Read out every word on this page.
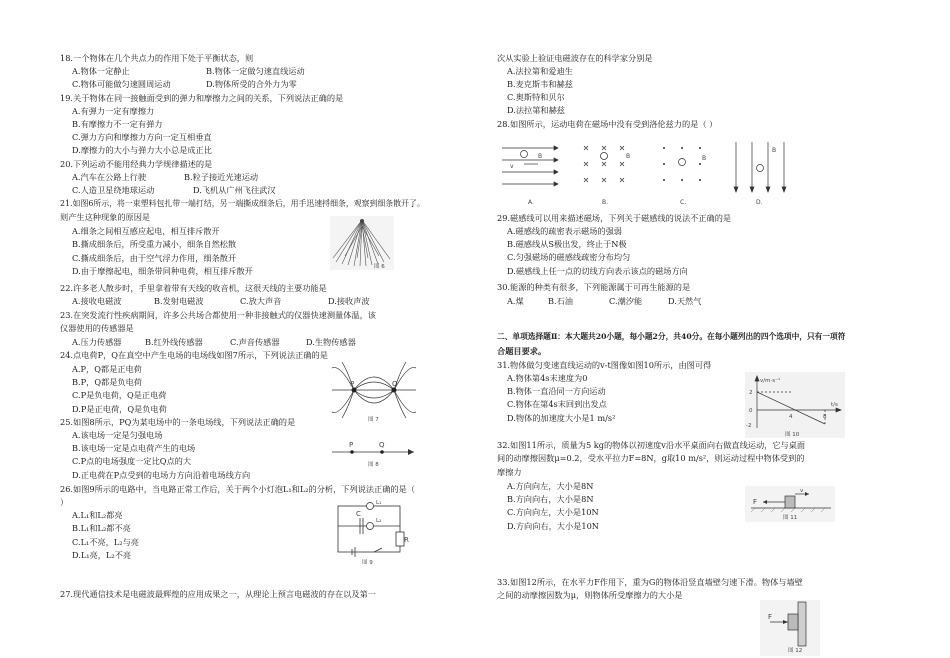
18.一个物体在几个共点力的作用下处于平衡状态，则
A.物体一定静止	B.物体一定做匀速直线运动
C.物体可能做匀速圆周运动	D.物体所受的合外力为零
19.关于物体在同一接触面受到的弹力和摩擦力之间的关系，下列说法正确的是
A.有弹力一定有摩擦力
B.有摩擦力不一定有弹力
C.弹力方向和摩擦力方向一定互相垂直
D.摩擦力的大小与弹力大小总是成正比
20.下列运动不能用经典力学规律描述的是
A.汽车在公路上行驶	B.粒子接近光速运动
C.人造卫星绕地球运动	D.飞机从广州飞往武汉
21.如图6所示，将一束塑料包扎带一端打结，另一端撕成细条后，用手迅速捋细条，观察到细条散开了。
则产生这种现象的原因是
A.细条之间相互感应起电，相互排斥散开
B.撕成细条后，所受重力减小，细条自然松散
C.撕成细条后，由于空气浮力作用，细条散开
D.由于摩擦起电，细条带同种电荷，相互排斥散开	图 6
22.许多老人散步时，手里拿着带有天线的收音机，这很天线的主要功能是
A.接收电磁波	B.发射电磁波	C.放大声音	D.接收声波
23.在突发流行性疾病期间，许多公共场合都使用一种非接触式的仪器快速测量体温，该
仪器使用的传感器是
A.压力传感器	B.红外线传感器	C.声音传感器	D.生物传感器
24.点电荷P，Q在真空中产生电场的电场线如图7所示，下列说法正确的是
A.P，Q都是正电荷
B.P，Q都是负电荷
C.P是负电荷，Q是正电荷
D.P是正电荷，Q是负电荷
P	Q
图 7
25.如图8所示，PQ为某电场中的一条电场线，下列说法正确的是
A.该电场一定是匀强电场
B.该电场一定是点电荷产生的电场
C.P点的电场强度一定比Q点的大
D.正电荷在P点受到的电场力方向沿着电场线方向
P	Q
图 8
26.如图9所示的电路中，当电路正常工作后，关于两个小灯泡L₁和L₂的分析，下列说法正确的是（
）
A.L₁和L₂都亮
B.L₁和L₂都不亮
C.L₁不亮，L₂与亮
D.L₁亮，L₂不亮
C
R
L₁
L₂
图 9
27.现代通信技术是电磁波最辉煌的应用成果之一，从理论上预言电磁波的存在以及第一
次从实验上验证电磁波存在的科学家分别是
A.法拉第和爱迪生
B.麦克斯韦和赫兹
C.奥斯特和贝尔
D.法拉第和赫兹
28.如图所示，运动电荷在磁场中没有受到洛伦兹力的是（ ）
v
B
A.
B
B.
B
C.
B
D.
29.磁感线可以用来描述磁场，下列关于磁感线的说法不正确的是
A.磁感线的疏密表示磁场的强弱
B.磁感线从S极出发，终止于N极
C.匀强磁场的磁感线疏密分布均匀
D.磁感线上任一点的切线方向表示该点的磁场方向
30.能源的种类有很多，下列能源属于可再生能源的是
A.煤	B.石油	C.潮汐能	D.天然气
二、单项选择题Ⅱ：本大题共20小题，每小题2分，共40分。在每小题列出的四个选项中，只有一项符
合题目要求。
31.物体做匀变速直线运动的v-t图像如图10所示，由图可得
A.物体第4s末速度为0
B.物体一直沿同一方向运动
C.物体在第4s末回到出发点
D.物体的加速度大小是1 m/s²
v/m·s⁻¹
t/s
2
0
-2
4	8
图 10
32.如图11所示，质量为5 kg的物体以初速度v沿水平桌面向右做直线运动，它与桌面
间的动摩擦因数μ=0.2，受水平拉力F=8N，g取10 m/s²，则运动过程中物体受到的
摩擦力
A.方向向左，大小是8N
B.方向向右，大小是8N
C.方向向左，大小是10N
D.方向向右，大小是10N
F
v
图 11
33.如图12所示，在水平力F作用下，重为G的物体沿竖直墙壁匀速下滑。物体与墙壁
之间的动摩擦因数为μ，则物体所受摩擦力的大小是
F
图 12
